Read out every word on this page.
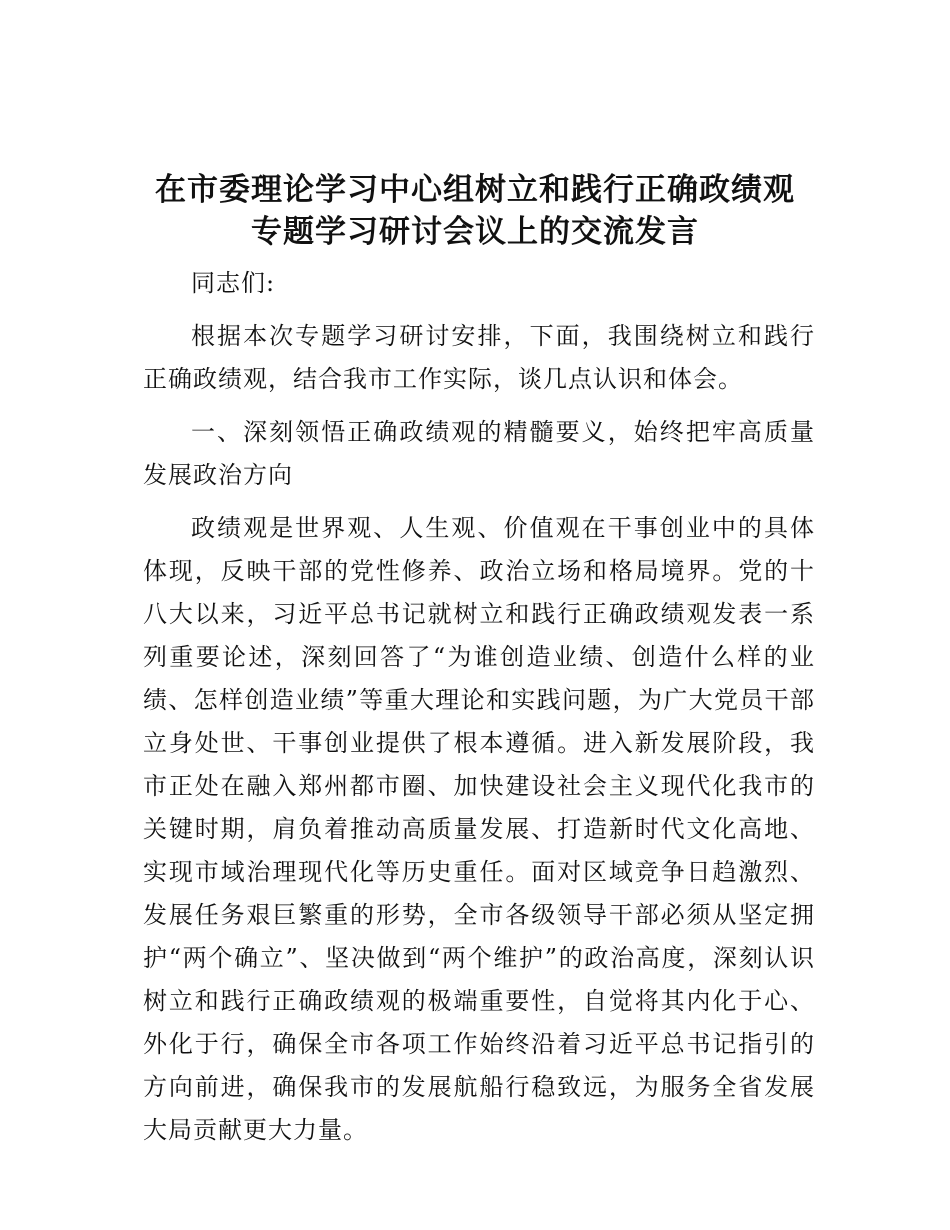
在市委理论学习中心组树立和践行正确政绩观
专题学习研讨会议上的交流发言

同志们:

根据本次专题学习研讨安排，下面，我围绕树立和践行正确政绩观，结合我市工作实际，谈几点认识和体会。

一、深刻领悟正确政绩观的精髓要义，始终把牢高质量发展政治方向

政绩观是世界观、人生观、价值观在干事创业中的具体体现，反映干部的党性修养、政治立场和格局境界。党的十八大以来，习近平总书记就树立和践行正确政绩观发表一系列重要论述，深刻回答了“为谁创造业绩、创造什么样的业绩、怎样创造业绩”等重大理论和实践问题，为广大党员干部立身处世、干事创业提供了根本遵循。进入新发展阶段，我市正处在融入郑州都市圈、加快建设社会主义现代化我市的关键时期，肩负着推动高质量发展、打造新时代文化高地、实现市域治理现代化等历史重任。面对区域竞争日趋激烈、发展任务艰巨繁重的形势，全市各级领导干部必须从坚定拥护“两个确立”、坚决做到“两个维护”的政治高度，深刻认识树立和践行正确政绩观的极端重要性，自觉将其内化于心、外化于行，确保全市各项工作始终沿着习近平总书记指引的方向前进，确保我市的发展航船行稳致远，为服务全省发展大局贡献更大力量。
